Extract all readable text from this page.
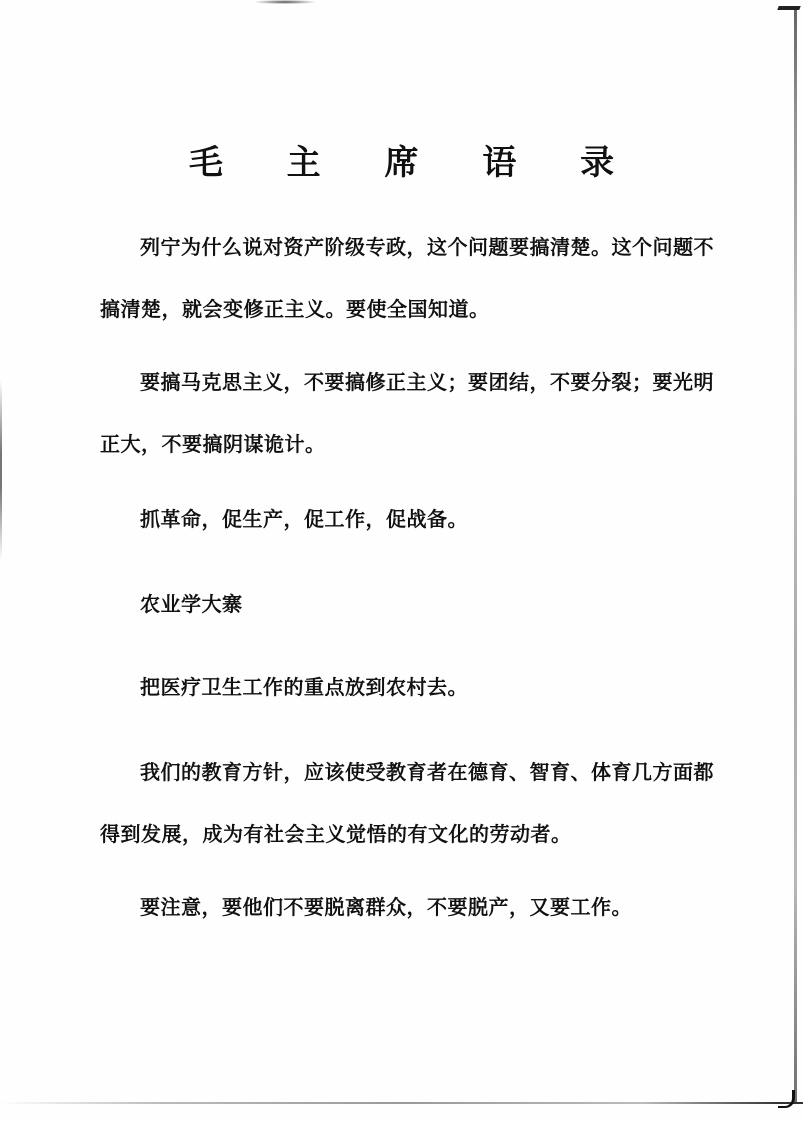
毛 主 席 语 录

列宁为什么说对资产阶级专政，这个问题要搞清楚。这个问题不搞清楚，就会变修正主义。要使全国知道。

要搞马克思主义，不要搞修正主义；要团结，不要分裂；要光明正大，不要搞阴谋诡计。

抓革命，促生产，促工作，促战备。

农业学大寨

把医疗卫生工作的重点放到农村去。

我们的教育方针，应该使受教育者在德育、智育、体育几方面都得到发展，成为有社会主义觉悟的有文化的劳动者。

要注意，要他们不要脱离群众，不要脱产，又要工作。
